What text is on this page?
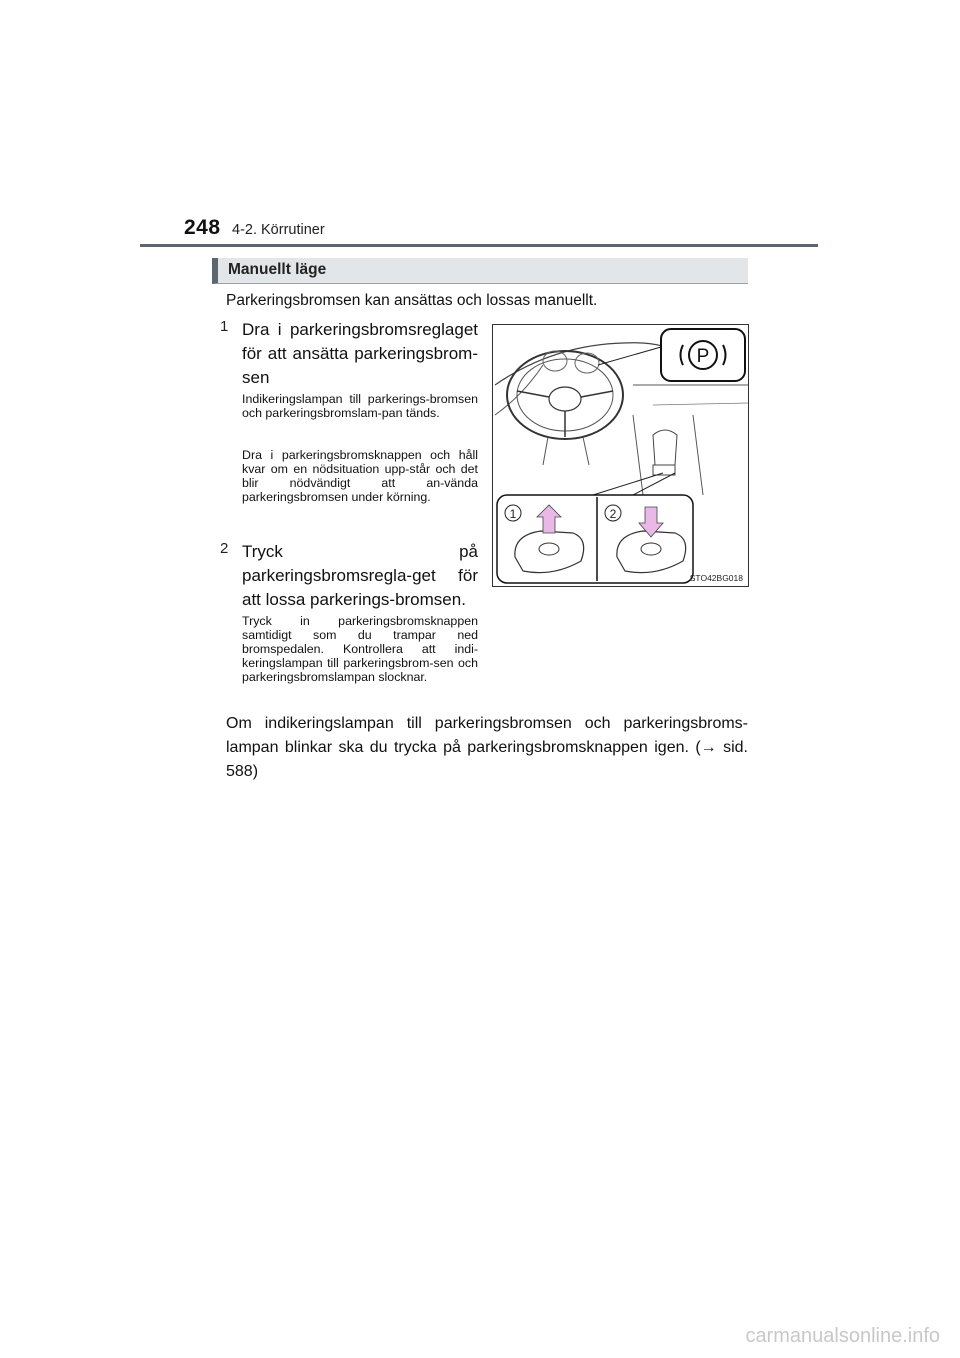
248 4-2. Körrutiner
Manuellt läge
Parkeringsbromsen kan ansättas och lossas manuellt.
1 Dra i parkeringsbromsreglaget för att ansätta parkeringsbrom-sen
Indikeringslampan till parkerings-bromsen och parkeringsbromslam-pan tänds.
Dra i parkeringsbromsknappen och håll kvar om en nödsituation upp-står och det blir nödvändigt att an-vända parkeringsbromsen under körning.
2 Tryck på parkeringsbromsregla-get för att lossa parkerings-bromsen.
Tryck in parkeringsbromsknappen samtidigt som du trampar ned bromspedalen. Kontrollera att indi-keringslampan till parkeringsbrom-sen och parkeringsbromslampan slocknar.
P
1	2
STO42BG018
Om indikeringslampan till parkeringsbromsen och parkeringsbroms-lampan blinkar ska du trycka på parkeringsbromsknappen igen. (→ sid. 588)
carmanualsonline.info
